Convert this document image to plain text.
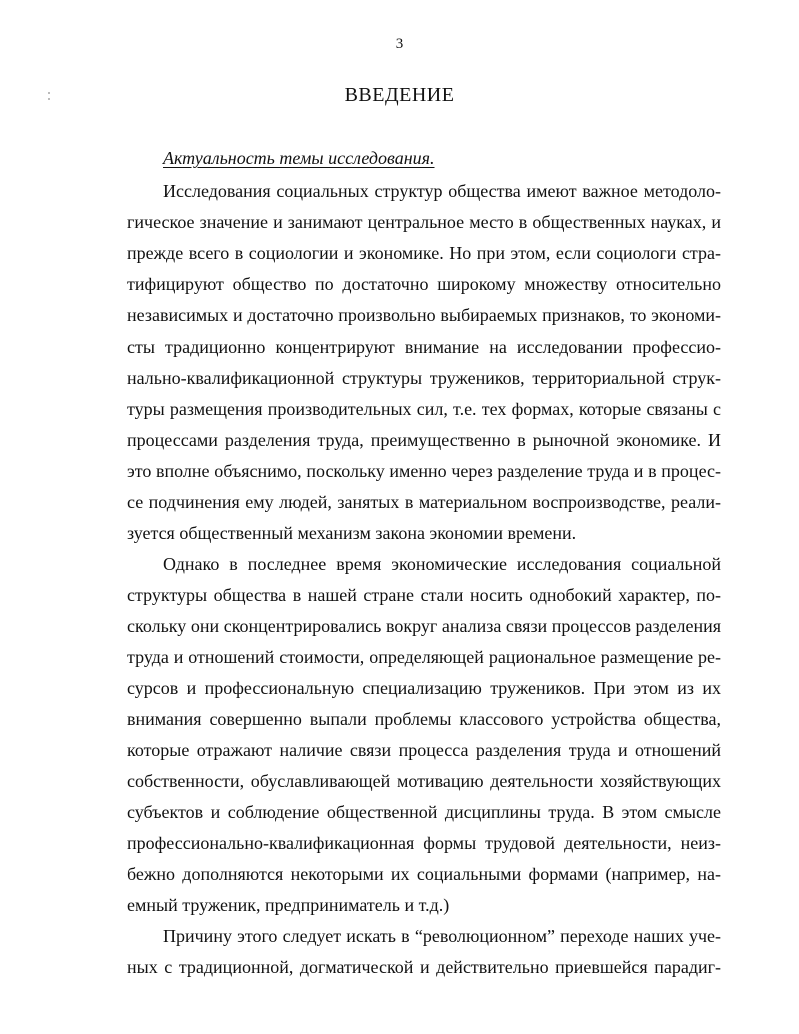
3
ВВЕДЕНИЕ
Актуальность темы исследования.
Исследования социальных структур общества имеют важное методоло-
гическое значение и занимают центральное место в общественных науках, и
прежде всего в социологии и экономике. Но при этом, если социологи стра-
тифицируют общество по достаточно широкому множеству относительно
независимых и достаточно произвольно выбираемых признаков, то экономи-
сты традиционно концентрируют внимание на исследовании профессио-
нально-квалификационной структуры тружеников, территориальной струк-
туры размещения производительных сил, т.е. тех формах, которые связаны с
процессами разделения труда, преимущественно в рыночной экономике. И
это вполне объяснимо, поскольку именно через разделение труда и в процес-
се подчинения ему людей, занятых в материальном воспроизводстве, реали-
зуется общественный механизм закона экономии времени.
Однако в последнее время экономические исследования социальной
структуры общества в нашей стране стали носить однобокий характер, по-
скольку они сконцентрировались вокруг анализа связи процессов разделения
труда и отношений стоимости, определяющей рациональное размещение ре-
сурсов и профессиональную специализацию тружеников. При этом из их
внимания совершенно выпали проблемы классового устройства общества,
которые отражают наличие связи процесса разделения труда и отношений
собственности, обуславливающей мотивацию деятельности хозяйствующих
субъектов и соблюдение общественной дисциплины труда. В этом смысле
профессионально-квалификационная формы трудовой деятельности, неиз-
бежно дополняются некоторыми их социальными формами (например, на-
емный труженик, предприниматель и т.д.)
Причину этого следует искать в “революционном” переходе наших уче-
ных с традиционной, догматической и действительно приевшейся парадиг-
